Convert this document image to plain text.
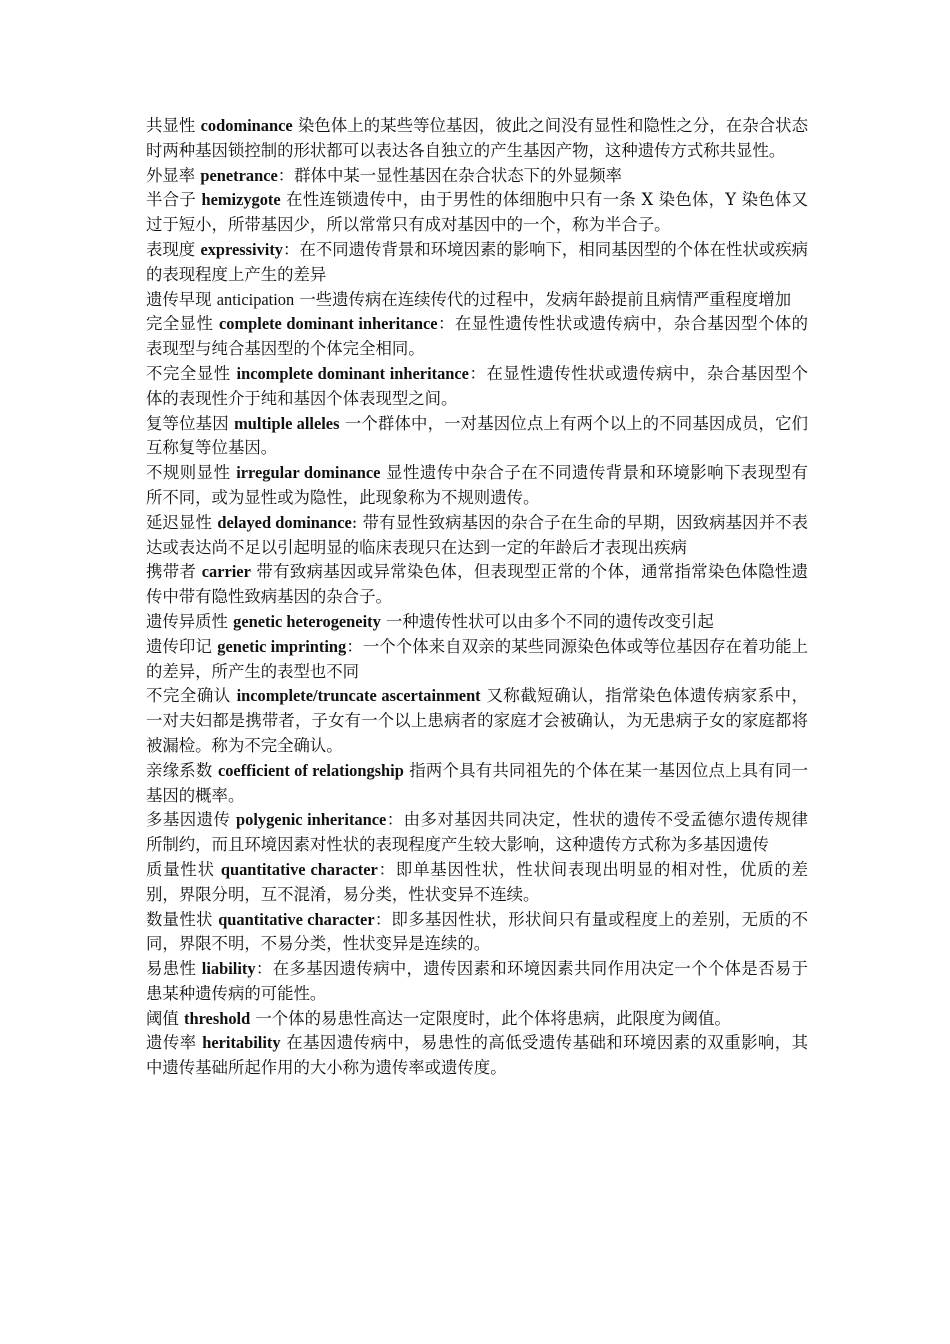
共显性 codominance 染色体上的某些等位基因，彼此之间没有显性和隐性之分，在杂合状态时两种基因锁控制的形状都可以表达各自独立的产生基因产物，这种遗传方式称共显性。

外显率 penetrance：群体中某一显性基因在杂合状态下的外显频率

半合子 hemizygote 在性连锁遗传中，由于男性的体细胞中只有一条 X 染色体，Y 染色体又过于短小，所带基因少，所以常常只有成对基因中的一个，称为半合子。

表现度 expressivity：在不同遗传背景和环境因素的影响下，相同基因型的个体在性状或疾病的表现程度上产生的差异

遗传早现 anticipation 一些遗传病在连续传代的过程中，发病年龄提前且病情严重程度增加

完全显性 complete dominant inheritance：在显性遗传性状或遗传病中，杂合基因型个体的表现型与纯合基因型的个体完全相同。

不完全显性 incomplete dominant inheritance：在显性遗传性状或遗传病中，杂合基因型个体的表现性介于纯和基因个体表现型之间。

复等位基因 multiple alleles 一个群体中，一对基因位点上有两个以上的不同基因成员，它们互称复等位基因。

不规则显性 irregular dominance 显性遗传中杂合子在不同遗传背景和环境影响下表现型有所不同，或为显性或为隐性，此现象称为不规则遗传。

延迟显性 delayed dominance: 带有显性致病基因的杂合子在生命的早期，因致病基因并不表达或表达尚不足以引起明显的临床表现只在达到一定的年龄后才表现出疾病

携带者 carrier 带有致病基因或异常染色体，但表现型正常的个体，通常指常染色体隐性遗传中带有隐性致病基因的杂合子。

遗传异质性 genetic heterogeneity 一种遗传性状可以由多个不同的遗传改变引起

遗传印记 genetic imprinting：一个个体来自双亲的某些同源染色体或等位基因存在着功能上的差异，所产生的表型也不同

不完全确认 incomplete/truncate ascertainment 又称截短确认，指常染色体遗传病家系中，一对夫妇都是携带者，子女有一个以上患病者的家庭才会被确认，为无患病子女的家庭都将被漏检。称为不完全确认。

亲缘系数 coefficient of relationgship 指两个具有共同祖先的个体在某一基因位点上具有同一基因的概率。

多基因遗传 polygenic inheritance：由多对基因共同决定，性状的遗传不受孟德尔遗传规律所制约，而且环境因素对性状的表现程度产生较大影响，这种遗传方式称为多基因遗传

质量性状 quantitative character：即单基因性状，性状间表现出明显的相对性，优质的差别，界限分明，互不混淆，易分类，性状变异不连续。

数量性状 quantitative character：即多基因性状，形状间只有量或程度上的差别，无质的不同，界限不明，不易分类，性状变异是连续的。

易患性 liability：在多基因遗传病中，遗传因素和环境因素共同作用决定一个个体是否易于患某种遗传病的可能性。

阈值 threshold 一个体的易患性高达一定限度时，此个体将患病，此限度为阈值。

遗传率 heritability 在基因遗传病中，易患性的高低受遗传基础和环境因素的双重影响，其中遗传基础所起作用的大小称为遗传率或遗传度。
